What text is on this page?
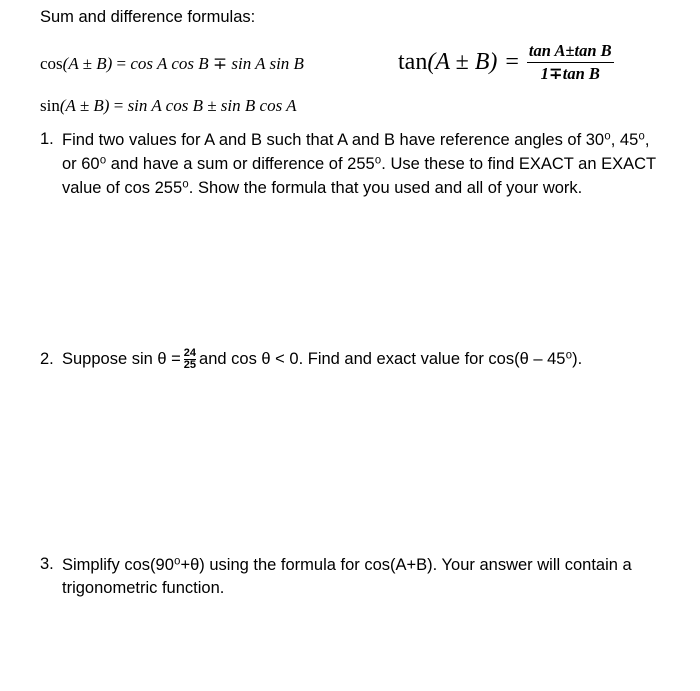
Sum and difference formulas:
cos(A ± B) = cos A cos B ∓ sin A sin B	$\tan (A \pm B) = \frac{\text{tan A±tan B}}{\text{1∓tan B}}$
sin(A ± B) = sin A cos B ± sin B cos A
1. Find two values for A and B such that A and B have reference angles of 30⁰, 45⁰,
or 60⁰ and have a sum or difference of 255⁰. Use these to find EXACT an EXACT
value of cos 255⁰. Show the formula that you used and all of your work.
2. Suppose $\sin \theta = \frac{24}{25}$ and cos θ < 0. Find and exact value for cos(θ – 45⁰).
3. Simplify cos(90⁰+θ) using the formula for cos(A+B). Your answer will contain a
trigonometric function.
